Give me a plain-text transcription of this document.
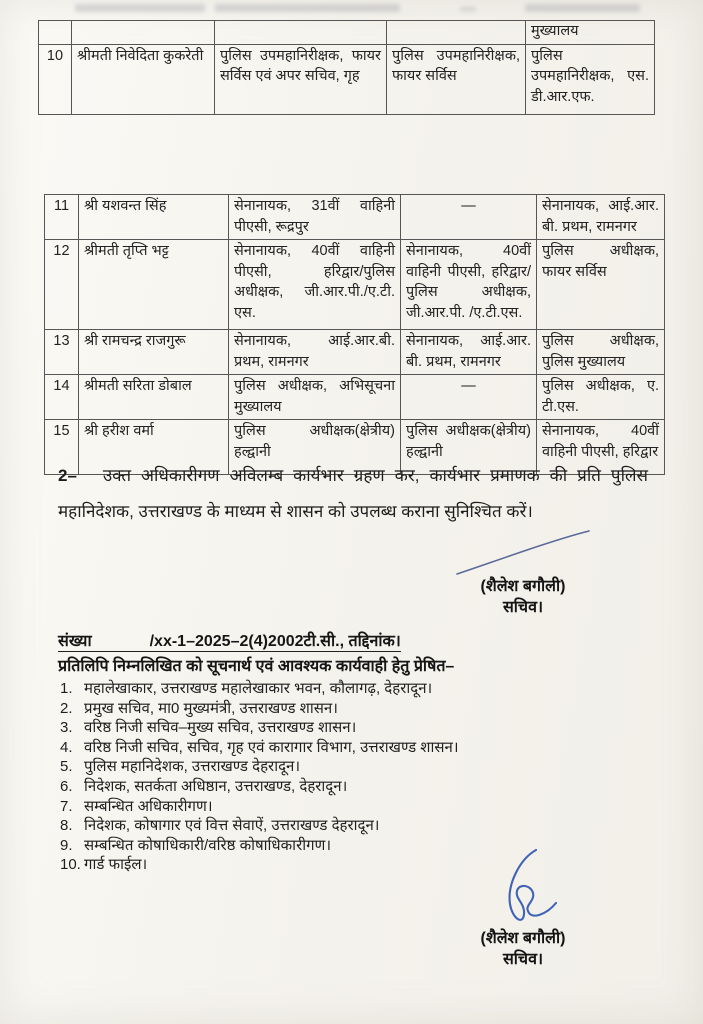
				मुख्यालय
10	श्रीमती निवेदिता कुकरेती	पुलिस उपमहानिरीक्षक, फायर सर्विस एवं अपर सचिव, गृह	पुलिस उपमहानिरीक्षक, फायर सर्विस	पुलिस उपमहानिरीक्षक, एस. डी.आर.एफ.
11	श्री यशवन्त सिंह	सेनानायक, 31वीं वाहिनी पीएसी, रूद्रपुर	—	सेनानायक, आई.आर. बी. प्रथम, रामनगर
12	श्रीमती तृप्ति भट्ट	सेनानायक, 40वीं वाहिनी पीएसी, हरिद्वार/पुलिस अधीक्षक, जी.आर.पी./ए.टी. एस.	सेनानायक, 40वीं वाहिनी पीएसी, हरिद्वार/पुलिस अधीक्षक, जी.आर.पी. /ए.टी.एस.	पुलिस अधीक्षक, फायर सर्विस
13	श्री रामचन्द्र राजगुरू	सेनानायक, आई.आर.बी. प्रथम, रामनगर	सेनानायक, आई.आर. बी. प्रथम, रामनगर	पुलिस अधीक्षक, पुलिस मुख्यालय
14	श्रीमती सरिता डोबाल	पुलिस अधीक्षक, अभिसूचना मुख्यालय	—	पुलिस अधीक्षक, ए. टी.एस.
15	श्री हरीश वर्मा	पुलिस अधीक्षक(क्षेत्रीय) हल्द्वानी	पुलिस अधीक्षक(क्षेत्रीय) हल्द्वानी	सेनानायक, 40वीं वाहिनी पीएसी, हरिद्वार
2– उक्त अधिकारीगण अविलम्ब कार्यभार ग्रहण कर, कार्यभार प्रमाणक की प्रति पुलिस महानिदेशक, उत्तराखण्ड के माध्यम से शासन को उपलब्ध कराना सुनिश्चित करें।
(शैलेश बगौली)
सचिव।
संख्या	/xx-1–2025–2(4)2002टी.सी., तद्दिनांक।
प्रतिलिपि निम्नलिखित को सूचनार्थ एवं आवश्यक कार्यवाही हेतु प्रेषित–
1. महालेखाकार, उत्तराखण्ड महालेखाकार भवन, कौलागढ़, देहरादून।
2. प्रमुख सचिव, मा0 मुख्यमंत्री, उत्तराखण्ड शासन।
3. वरिष्ठ निजी सचिव–मुख्य सचिव, उत्तराखण्ड शासन।
4. वरिष्ठ निजी सचिव, सचिव, गृह एवं कारागार विभाग, उत्तराखण्ड शासन।
5. पुलिस महानिदेशक, उत्तराखण्ड देहरादून।
6. निदेशक, सतर्कता अधिष्ठान, उत्तराखण्ड, देहरादून।
7. सम्बन्धित अधिकारीगण।
8. निदेशक, कोषागार एवं वित्त सेवाऐं, उत्तराखण्ड देहरादून।
9. सम्बन्धित कोषाधिकारी/वरिष्ठ कोषाधिकारीगण।
10. गार्ड फाईल।
(शैलेश बगौली)
सचिव।
